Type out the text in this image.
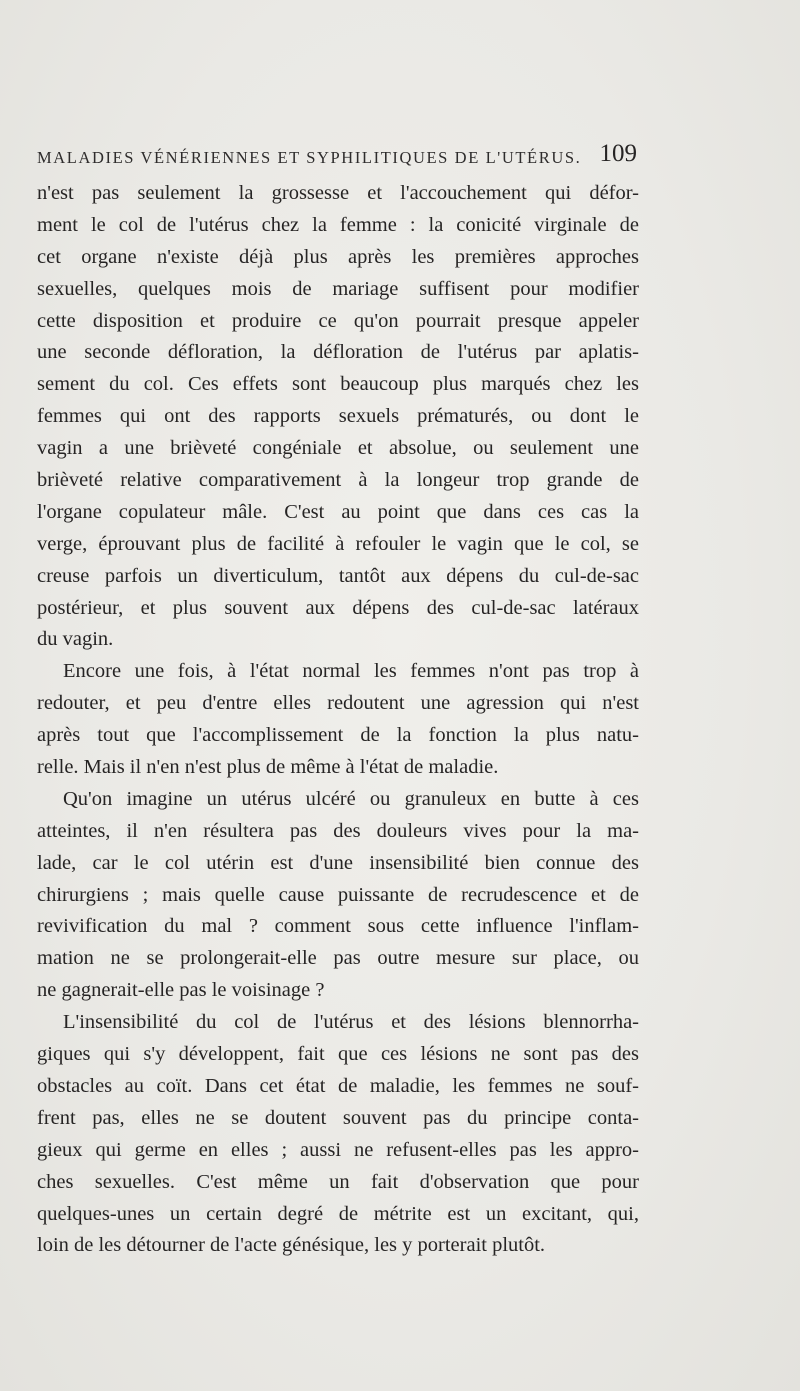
MALADIES VÉNÉRIENNES ET SYPHILITIQUES DE L'UTÉRUS. 109
n'est pas seulement la grossesse et l'accouchement qui défor-
ment le col de l'utérus chez la femme : la conicité virginale de
cet organe n'existe déjà plus après les premières approches
sexuelles, quelques mois de mariage suffisent pour modifier
cette disposition et produire ce qu'on pourrait presque appeler
une seconde défloration, la défloration de l'utérus par aplatis-
sement du col. Ces effets sont beaucoup plus marqués chez les
femmes qui ont des rapports sexuels prématurés, ou dont le
vagin a une brièveté congéniale et absolue, ou seulement une
brièveté relative comparativement à la longeur trop grande de
l'organe copulateur mâle. C'est au point que dans ces cas la
verge, éprouvant plus de facilité à refouler le vagin que le col, se
creuse parfois un diverticulum, tantôt aux dépens du cul-de-sac
postérieur, et plus souvent aux dépens des cul-de-sac latéraux
du vagin.
Encore une fois, à l'état normal les femmes n'ont pas trop à
redouter, et peu d'entre elles redoutent une agression qui n'est
après tout que l'accomplissement de la fonction la plus natu-
relle. Mais il n'en n'est plus de même à l'état de maladie.
Qu'on imagine un utérus ulcéré ou granuleux en butte à ces
atteintes, il n'en résultera pas des douleurs vives pour la ma-
lade, car le col utérin est d'une insensibilité bien connue des
chirurgiens ; mais quelle cause puissante de recrudescence et de
revivification du mal ? comment sous cette influence l'inflam-
mation ne se prolongerait-elle pas outre mesure sur place, ou
ne gagnerait-elle pas le voisinage ?
L'insensibilité du col de l'utérus et des lésions blennorrha-
giques qui s'y développent, fait que ces lésions ne sont pas des
obstacles au coït. Dans cet état de maladie, les femmes ne souf-
frent pas, elles ne se doutent souvent pas du principe conta-
gieux qui germe en elles ; aussi ne refusent-elles pas les appro-
ches sexuelles. C'est même un fait d'observation que pour
quelques-unes un certain degré de métrite est un excitant, qui,
loin de les détourner de l'acte génésique, les y porterait plutôt.
